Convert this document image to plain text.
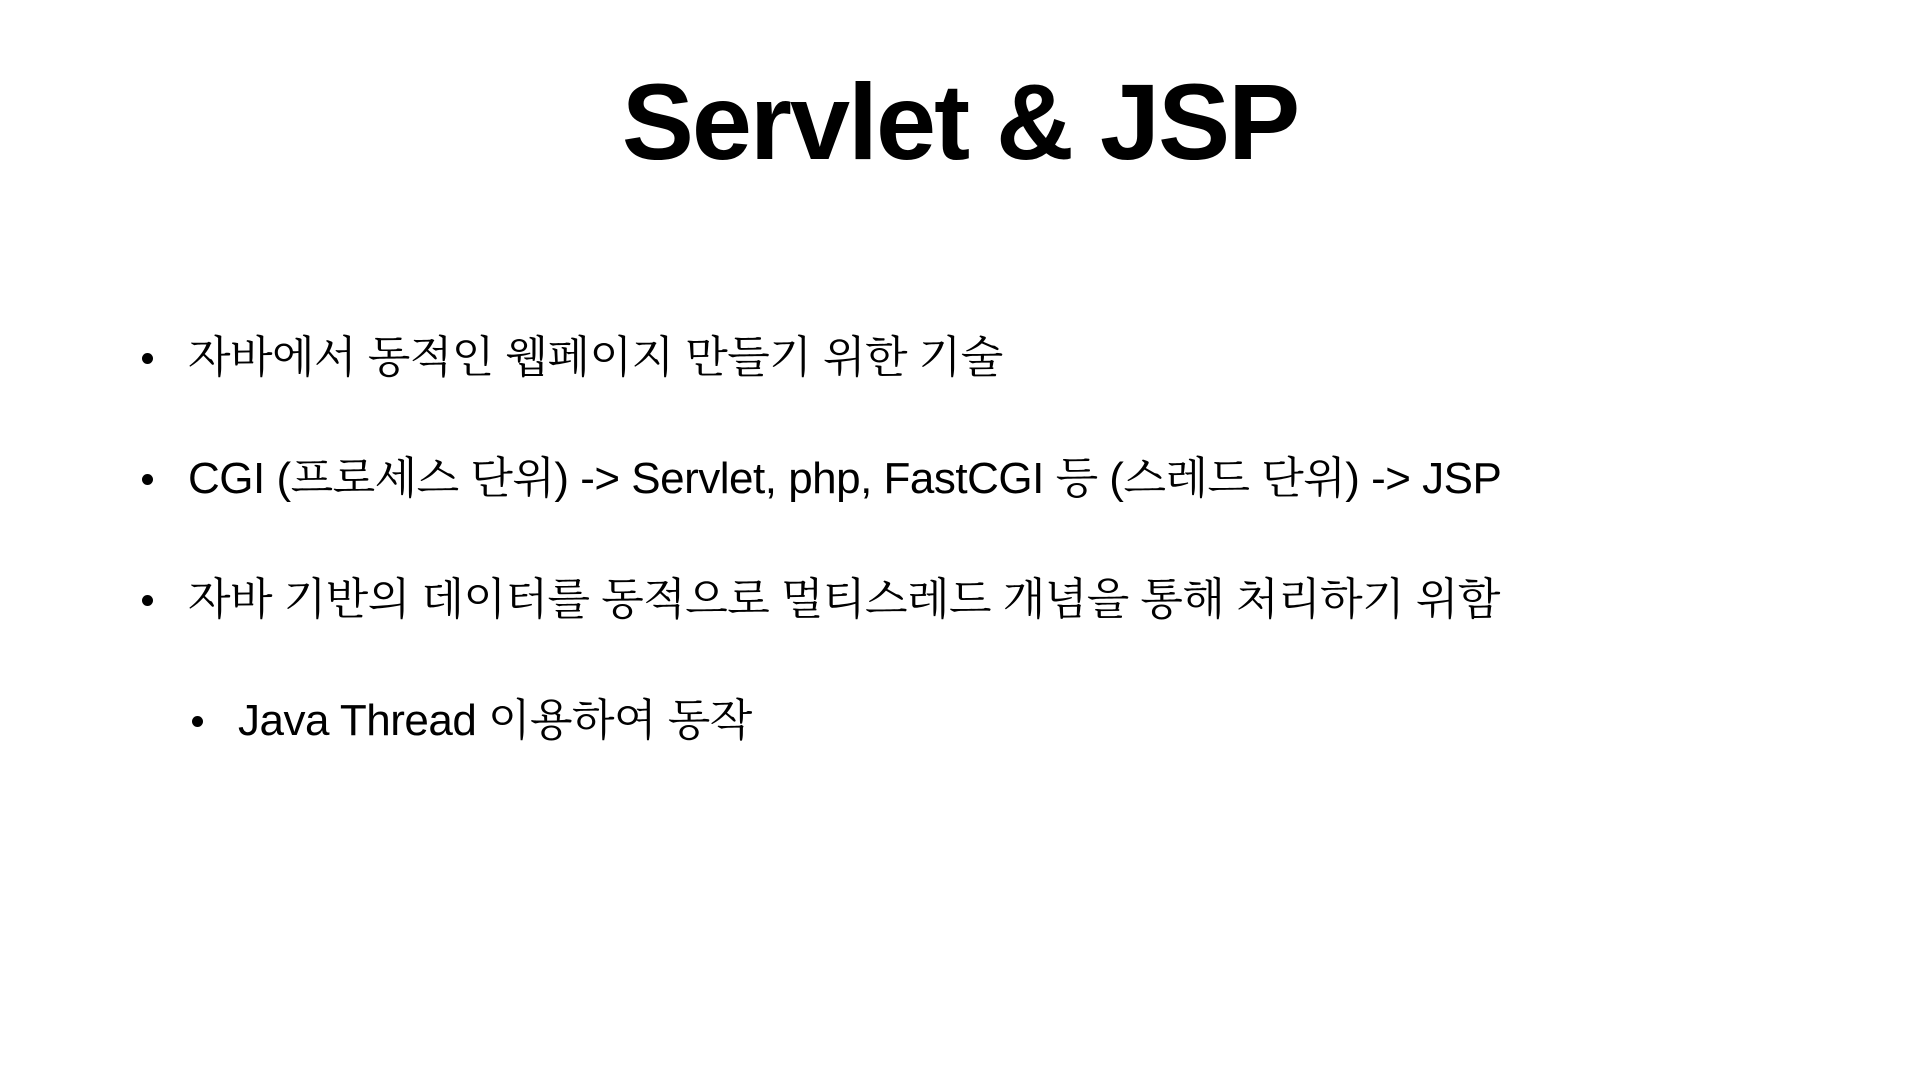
Servlet & JSP
자바에서 동적인 웹페이지 만들기 위한 기술
CGI (프로세스 단위) -> Servlet, php, FastCGI 등 (스레드 단위) -> JSP
자바 기반의 데이터를 동적으로 멀티스레드 개념을 통해 처리하기 위함
Java Thread 이용하여 동작
